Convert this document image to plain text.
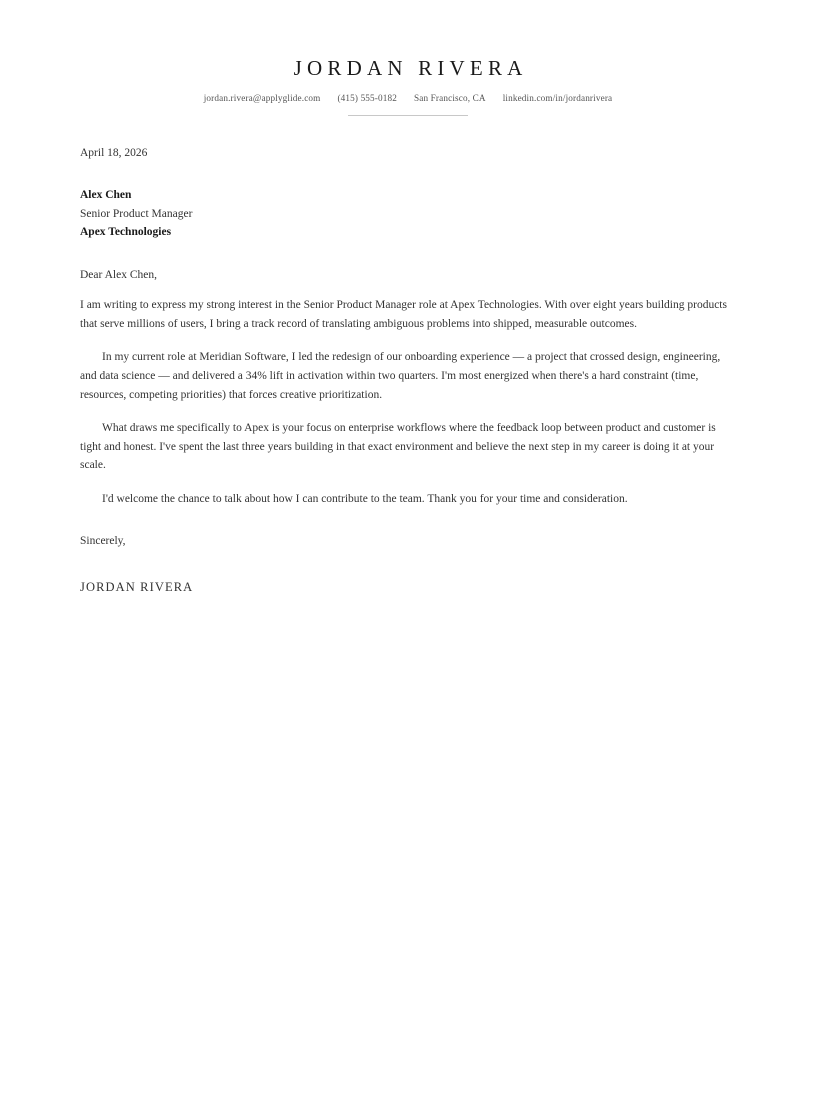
JORDAN RIVERA
jordan.rivera@applyglide.com (415) 555-0182 San Francisco, CA linkedin.com/in/jordanrivera
April 18, 2026
Alex Chen
Senior Product Manager
Apex Technologies
Dear Alex Chen,

I am writing to express my strong interest in the Senior Product Manager role at Apex Technologies. With over eight years building products that serve millions of users, I bring a track record of translating ambiguous problems into shipped, measurable outcomes.

In my current role at Meridian Software, I led the redesign of our onboarding experience — a project that crossed design, engineering, and data science — and delivered a 34% lift in activation within two quarters. I'm most energized when there's a hard constraint (time, resources, competing priorities) that forces creative prioritization.

What draws me specifically to Apex is your focus on enterprise workflows where the feedback loop between product and customer is tight and honest. I've spent the last three years building in that exact environment and believe the next step in my career is doing it at your scale.

I'd welcome the chance to talk about how I can contribute to the team. Thank you for your time and consideration.

Sincerely,
JORDAN RIVERA
